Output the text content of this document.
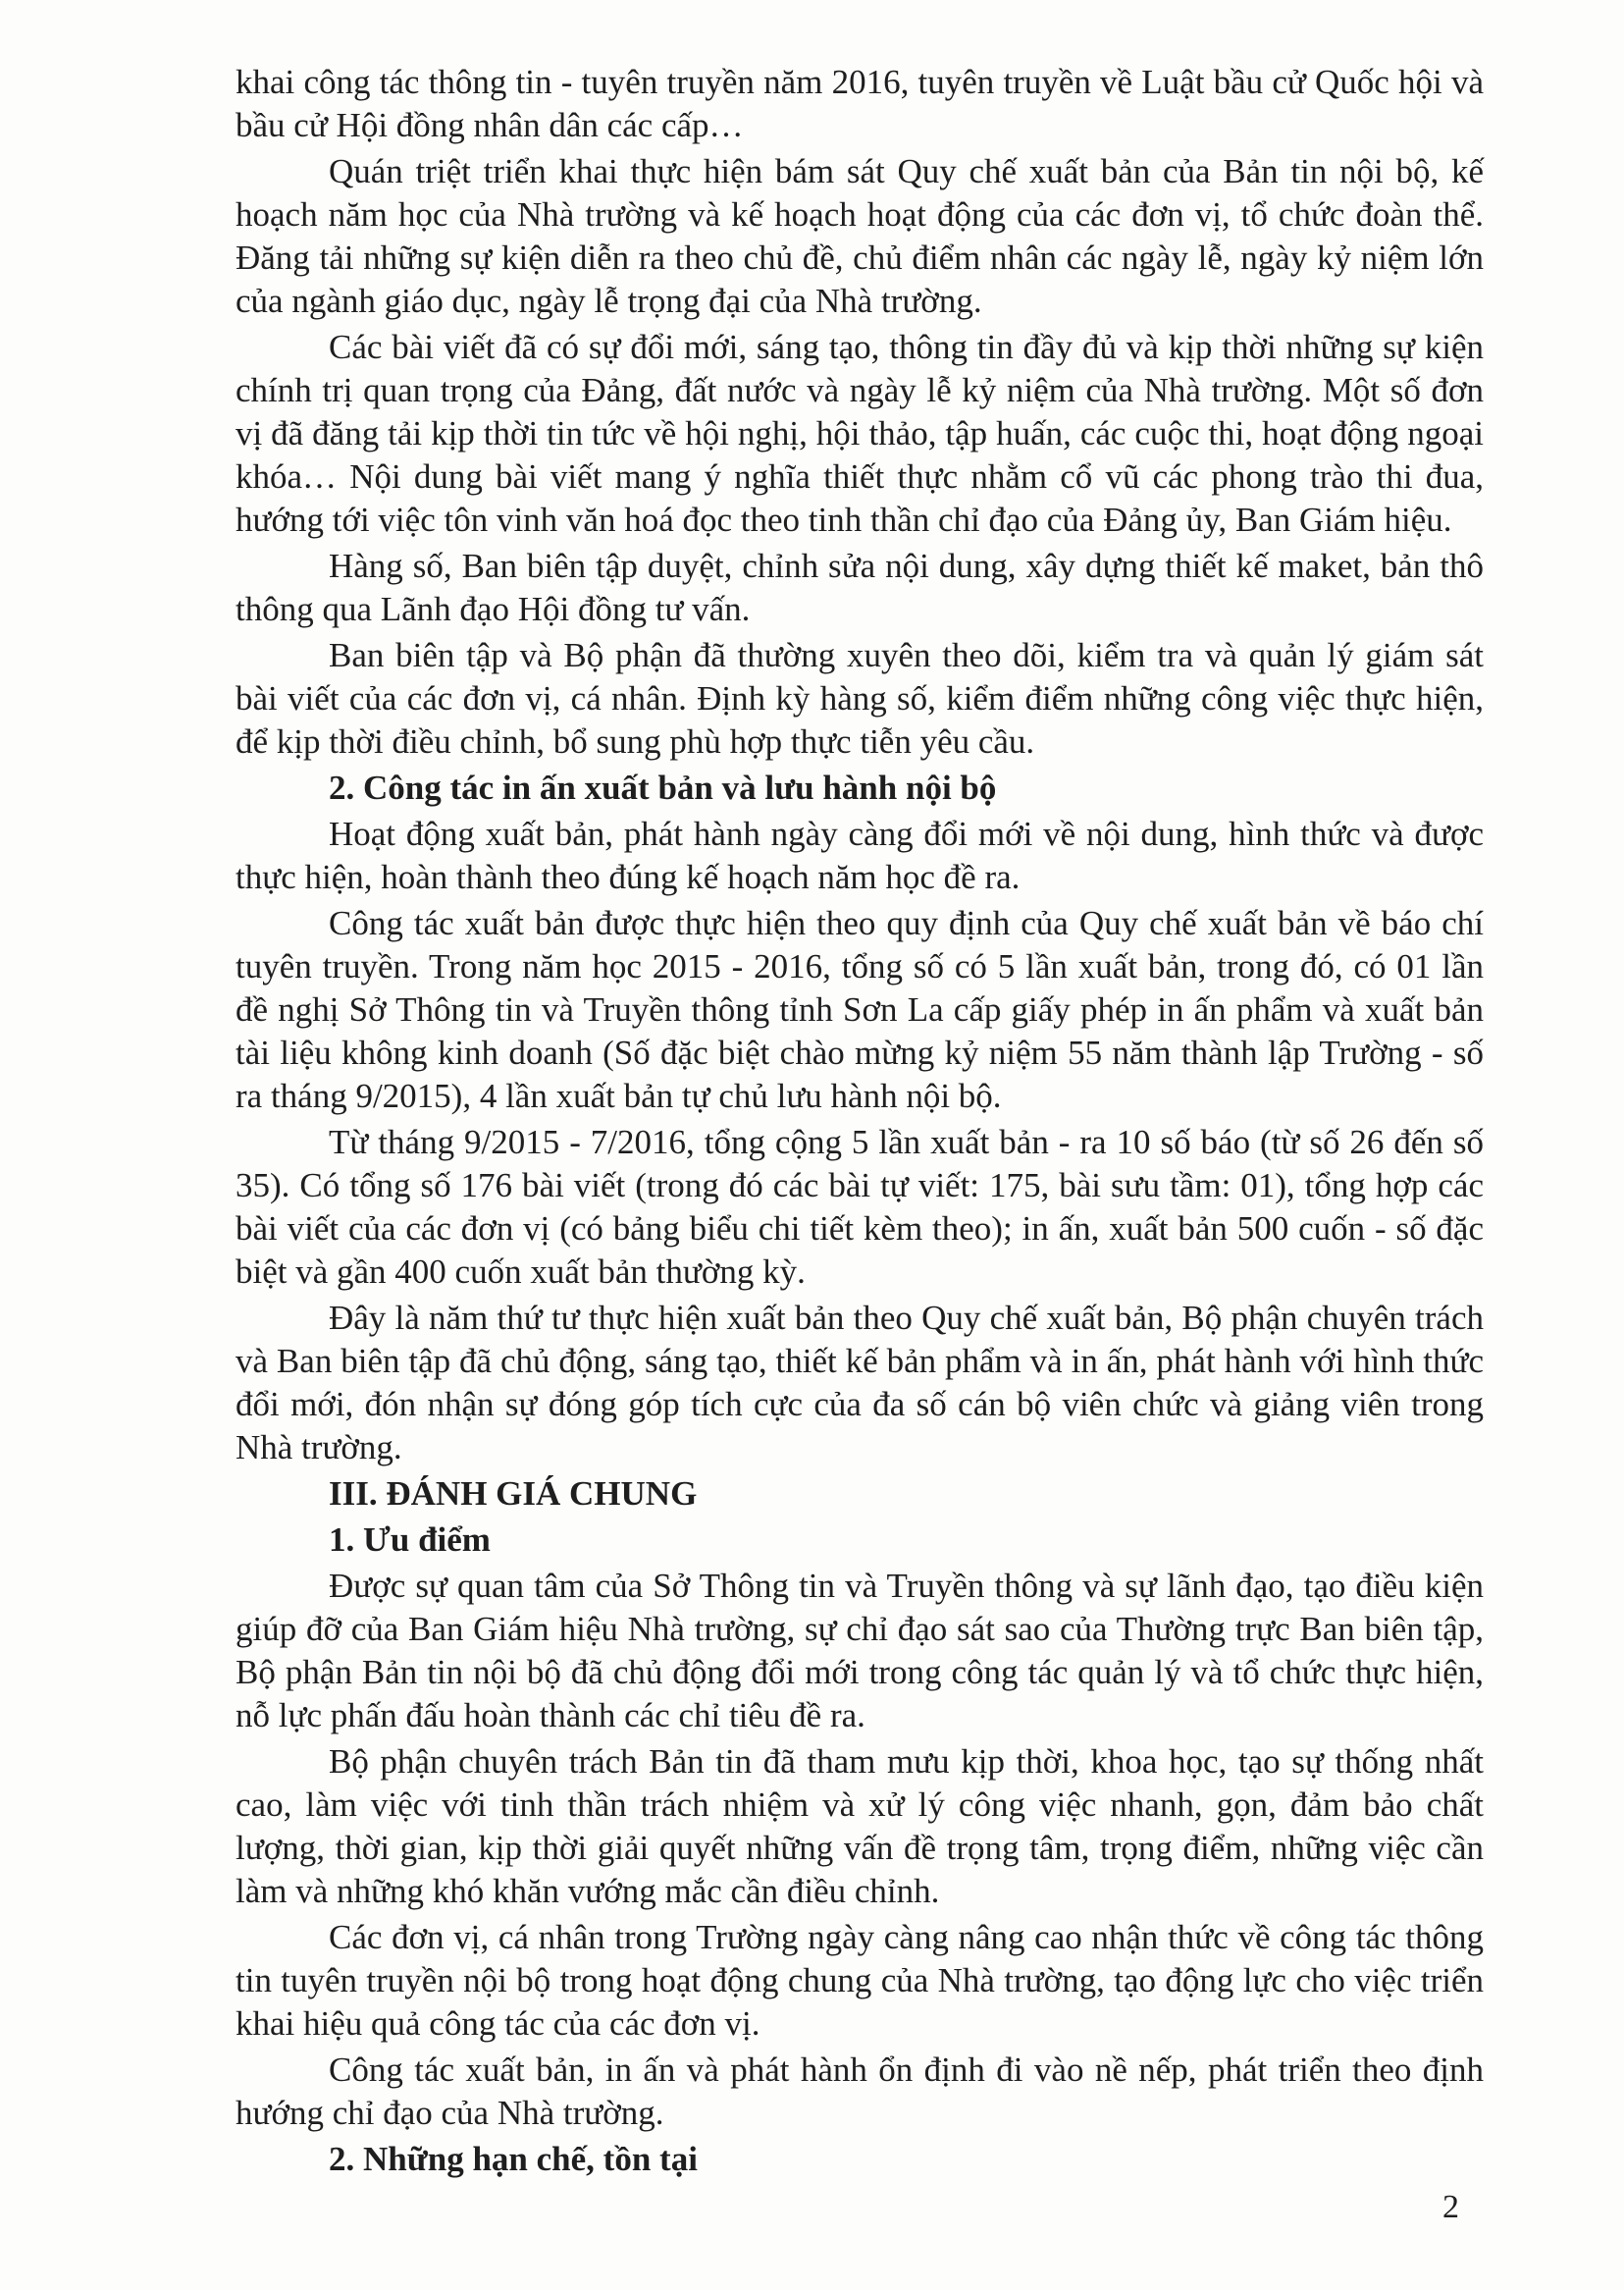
khai công tác thông tin - tuyên truyền năm 2016, tuyên truyền về Luật bầu cử Quốc hội và bầu cử Hội đồng nhân dân các cấp…

Quán triệt triển khai thực hiện bám sát Quy chế xuất bản của Bản tin nội bộ, kế hoạch năm học của Nhà trường và kế hoạch hoạt động của các đơn vị, tổ chức đoàn thể. Đăng tải những sự kiện diễn ra theo chủ đề, chủ điểm nhân các ngày lễ, ngày kỷ niệm lớn của ngành giáo dục, ngày lễ trọng đại của Nhà trường.

Các bài viết đã có sự đổi mới, sáng tạo, thông tin đầy đủ và kịp thời những sự kiện chính trị quan trọng của Đảng, đất nước và ngày lễ kỷ niệm của Nhà trường. Một số đơn vị đã đăng tải kịp thời tin tức về hội nghị, hội thảo, tập huấn, các cuộc thi, hoạt động ngoại khóa… Nội dung bài viết mang ý nghĩa thiết thực nhằm cổ vũ các phong trào thi đua, hướng tới việc tôn vinh văn hoá đọc theo tinh thần chỉ đạo của Đảng ủy, Ban Giám hiệu.

Hàng số, Ban biên tập duyệt, chỉnh sửa nội dung, xây dựng thiết kế maket, bản thô thông qua Lãnh đạo Hội đồng tư vấn.

Ban biên tập và Bộ phận đã thường xuyên theo dõi, kiểm tra và quản lý giám sát bài viết của các đơn vị, cá nhân. Định kỳ hàng số, kiểm điểm những công việc thực hiện, để kịp thời điều chỉnh, bổ sung phù hợp thực tiễn yêu cầu.

2. Công tác in ấn xuất bản và lưu hành nội bộ

Hoạt động xuất bản, phát hành ngày càng đổi mới về nội dung, hình thức và được thực hiện, hoàn thành theo đúng kế hoạch năm học đề ra.

Công tác xuất bản được thực hiện theo quy định của Quy chế xuất bản về báo chí tuyên truyền. Trong năm học 2015 - 2016, tổng số có 5 lần xuất bản, trong đó, có 01 lần đề nghị Sở Thông tin và Truyền thông tỉnh Sơn La cấp giấy phép in ấn phẩm và xuất bản tài liệu không kinh doanh (Số đặc biệt chào mừng kỷ niệm 55 năm thành lập Trường - số ra tháng 9/2015), 4 lần xuất bản tự chủ lưu hành nội bộ.

Từ tháng 9/2015 - 7/2016, tổng cộng 5 lần xuất bản - ra 10 số báo (từ số 26 đến số 35). Có tổng số 176 bài viết (trong đó các bài tự viết: 175, bài sưu tầm: 01), tổng hợp các bài viết của các đơn vị (có bảng biểu chi tiết kèm theo); in ấn, xuất bản 500 cuốn - số đặc biệt và gần 400 cuốn xuất bản thường kỳ.

Đây là năm thứ tư thực hiện xuất bản theo Quy chế xuất bản, Bộ phận chuyên trách và Ban biên tập đã chủ động, sáng tạo, thiết kế bản phẩm và in ấn, phát hành với hình thức đổi mới, đón nhận sự đóng góp tích cực của đa số cán bộ viên chức và giảng viên trong Nhà trường.

III. ĐÁNH GIÁ CHUNG

1. Ưu điểm

Được sự quan tâm của Sở Thông tin và Truyền thông và sự lãnh đạo, tạo điều kiện giúp đỡ của Ban Giám hiệu Nhà trường, sự chỉ đạo sát sao của Thường trực Ban biên tập, Bộ phận Bản tin nội bộ đã chủ động đổi mới trong công tác quản lý và tổ chức thực hiện, nỗ lực phấn đấu hoàn thành các chỉ tiêu đề ra.

Bộ phận chuyên trách Bản tin đã tham mưu kịp thời, khoa học, tạo sự thống nhất cao, làm việc với tinh thần trách nhiệm và xử lý công việc nhanh, gọn, đảm bảo chất lượng, thời gian, kịp thời giải quyết những vấn đề trọng tâm, trọng điểm, những việc cần làm và những khó khăn vướng mắc cần điều chỉnh.

Các đơn vị, cá nhân trong Trường ngày càng nâng cao nhận thức về công tác thông tin tuyên truyền nội bộ trong hoạt động chung của Nhà trường, tạo động lực cho việc triển khai hiệu quả công tác của các đơn vị.

Công tác xuất bản, in ấn và phát hành ổn định đi vào nề nếp, phát triển theo định hướng chỉ đạo của Nhà trường.

2. Những hạn chế, tồn tại

2
